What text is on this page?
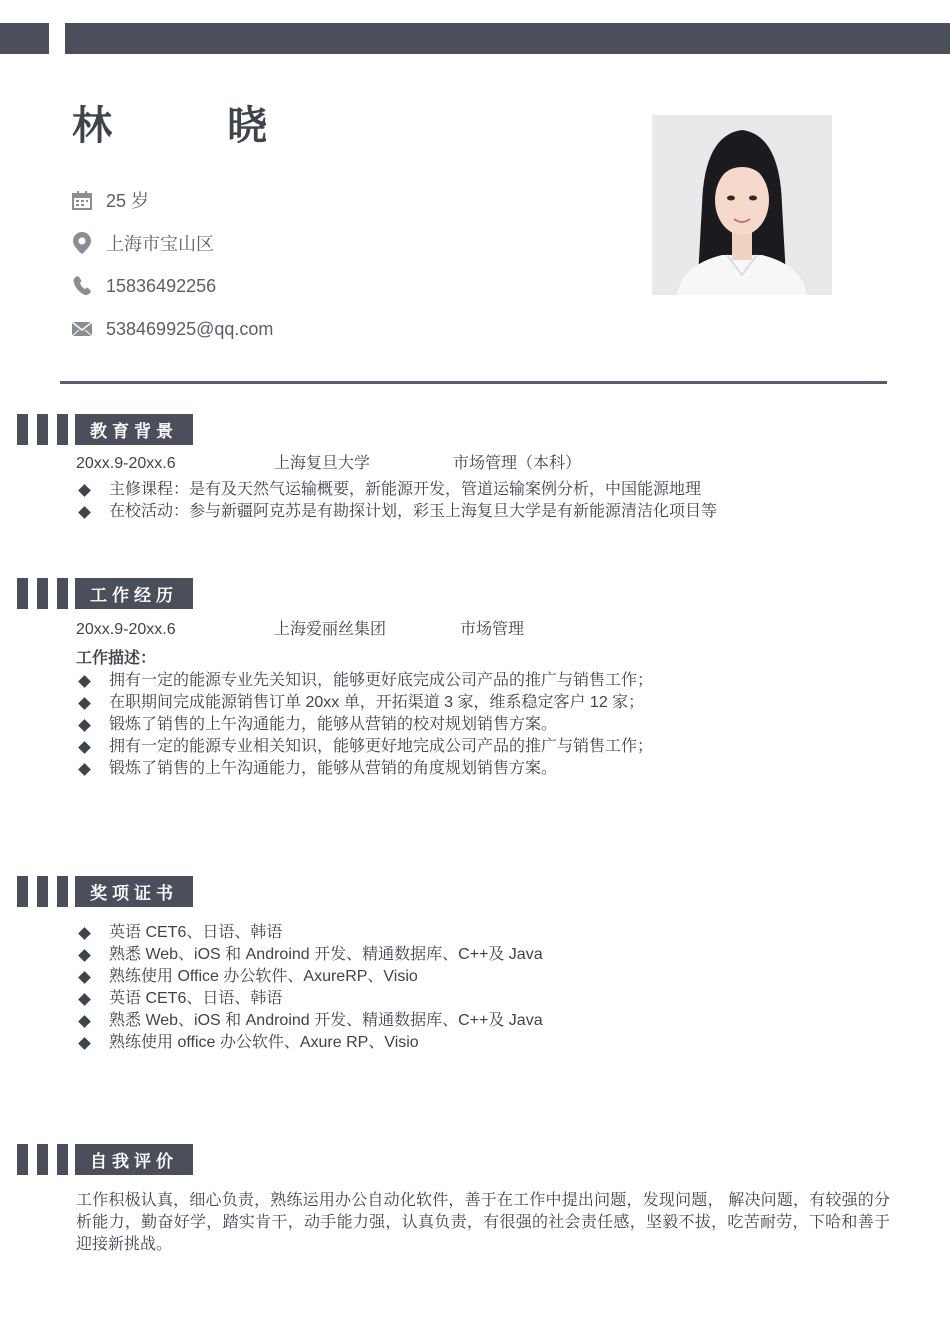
林 晓
25 岁
上海市宝山区
15836492256
538469925@qq.com
教育背景
20xx.9-20xx.6	上海复旦大学	市场管理（本科）
主修课程：是有及天然气运输概要，新能源开发，管道运输案例分析，中国能源地理
在校活动：参与新疆阿克苏是有勘探计划，彩玉上海复旦大学是有新能源清洁化项目等
工作经历
20xx.9-20xx.6	上海爱丽丝集团	市场管理
工作描述：
拥有一定的能源专业先关知识，能够更好底完成公司产品的推广与销售工作；
在职期间完成能源销售订单 20xx 单，开拓渠道 3 家，维系稳定客户 12 家；
锻炼了销售的上午沟通能力，能够从营销的校对规划销售方案。
拥有一定的能源专业相关知识，能够更好地完成公司产品的推广与销售工作；
锻炼了销售的上午沟通能力，能够从营销的角度规划销售方案。
奖项证书
英语 CET6、日语、韩语
熟悉 Web、iOS 和 Androind 开发、精通数据库、C++及 Java
熟练使用 Office 办公软件、AxureRP、Visio
英语 CET6、日语、韩语
熟悉 Web、iOS 和 Androind 开发、精通数据库、C++及 Java
熟练使用 office 办公软件、Axure RP、Visio
自我评价
工作积极认真，细心负责，熟练运用办公自动化软件，善于在工作中提出问题，发现问题， 解决问题，有较强的分析能力，勤奋好学，踏实肯干，动手能力强，认真负责，有很强的社会责任感，坚毅不拔，吃苦耐劳，下哈和善于迎接新挑战。
